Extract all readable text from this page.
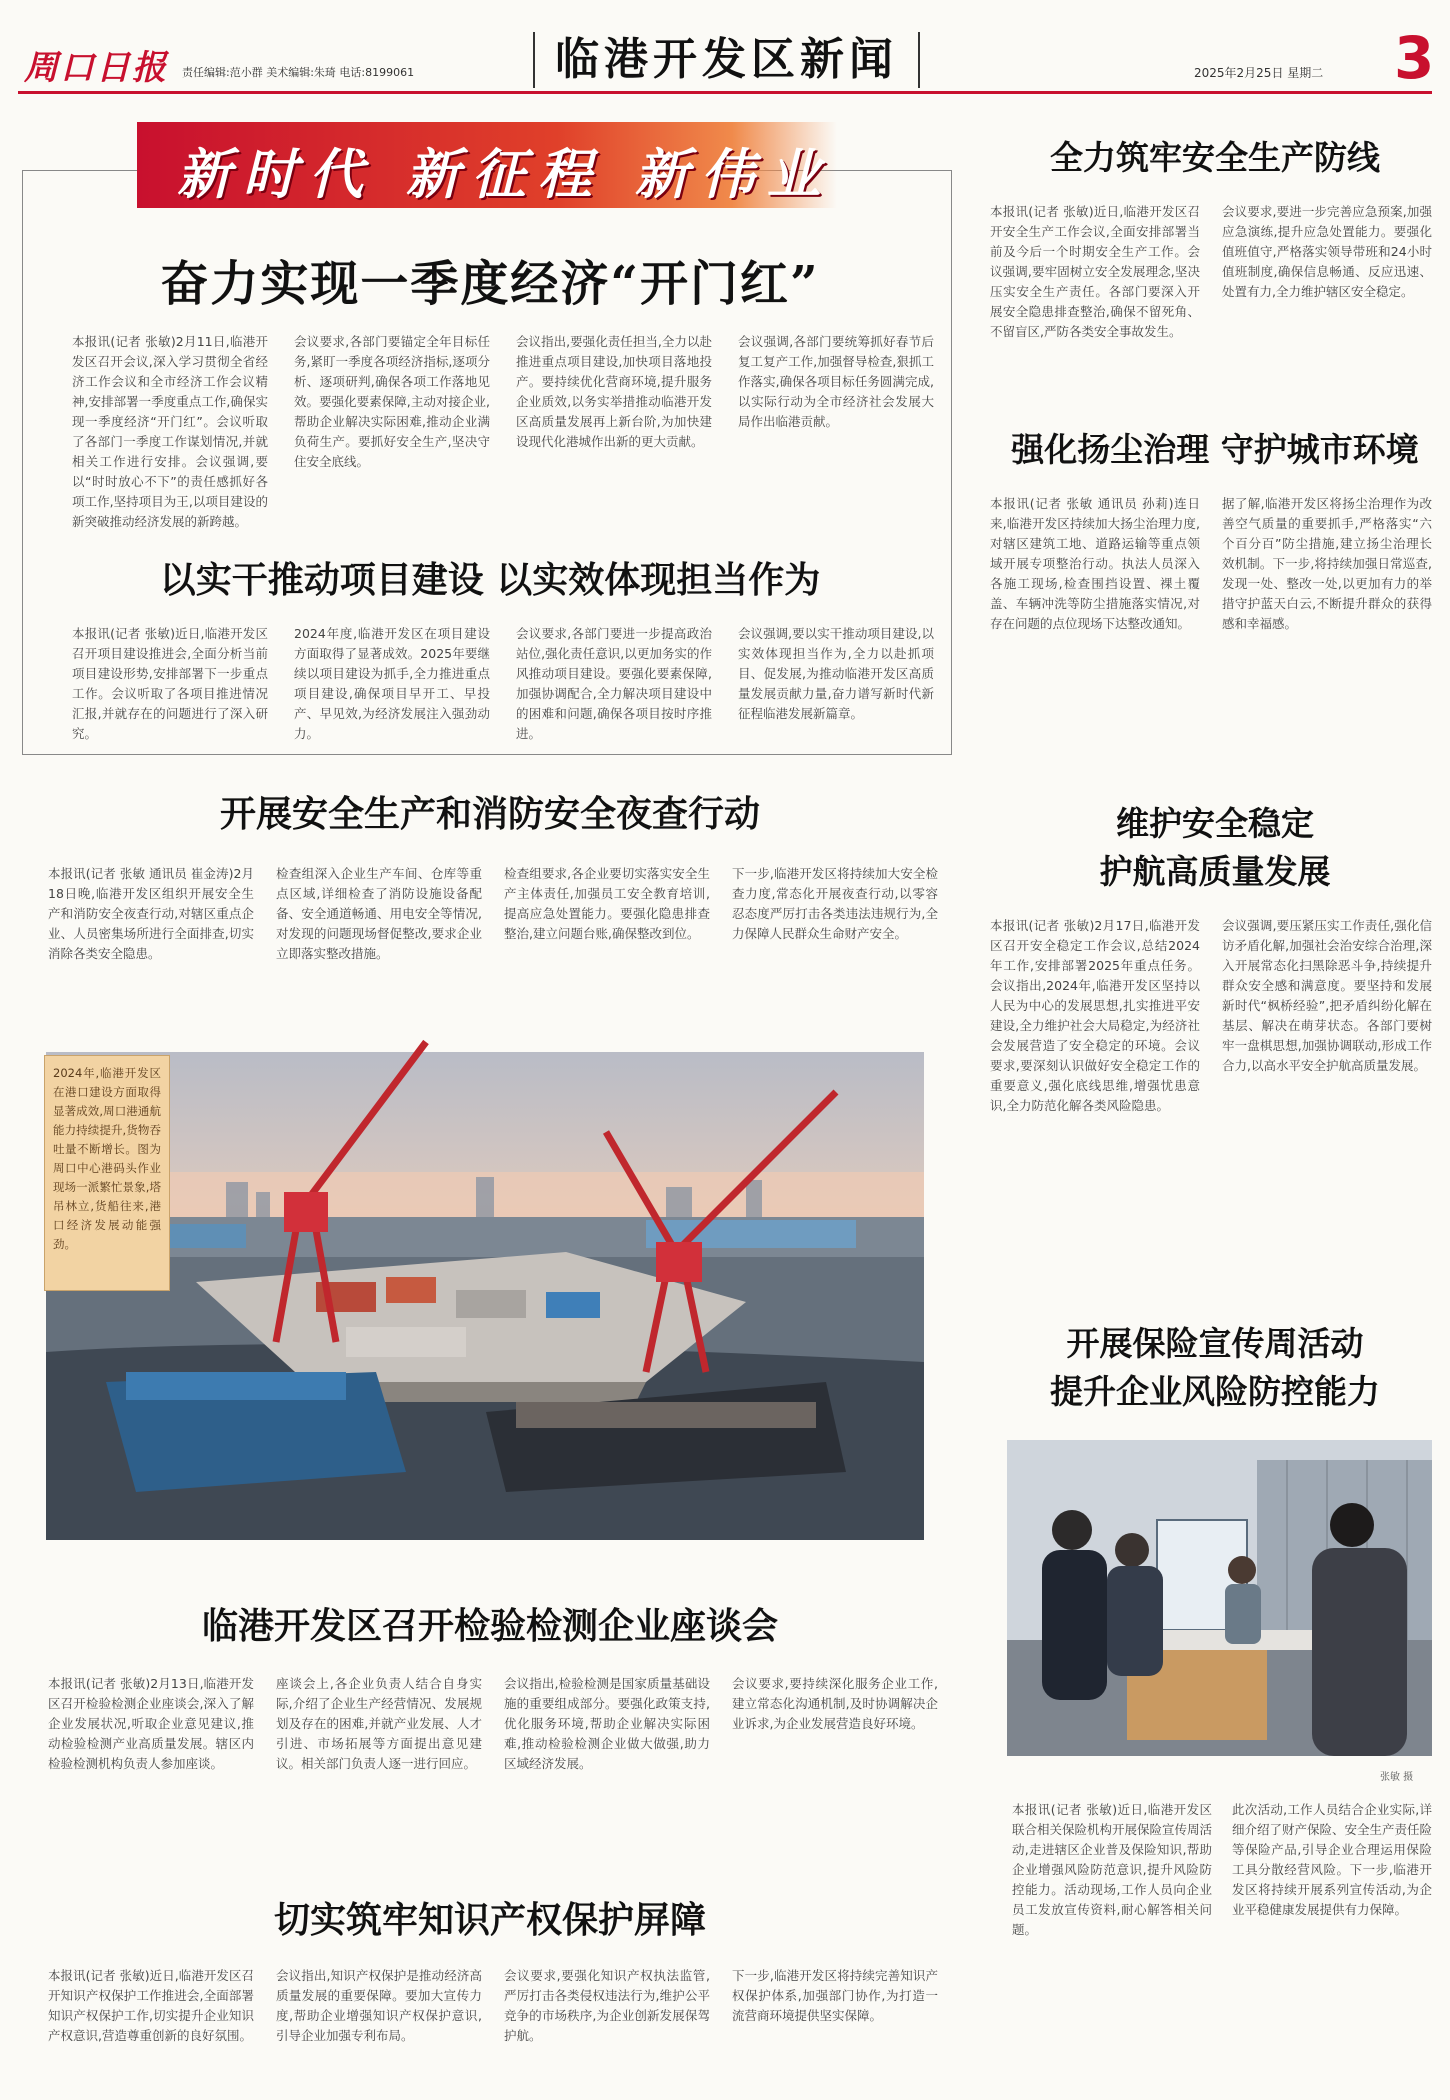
周口日报 责任编辑:范小群 美术编辑:朱琦 电话:8199061	临港开发区新闻	2025年2月25日 星期二 3
新时代 新征程 新伟业
奋力实现一季度经济“开门红”
本报讯(记者 张敏)2月11日,临港开发区召开会议,深入学习贯彻全省经济工作会议和全市经济工作会议精神,安排部署一季度重点工作,确保实现一季度经济“开门红”。会议听取了各部门一季度工作谋划情况,并就相关工作进行安排。会议强调,要以“时时放心不下”的责任感抓好各项工作,坚持项目为王,以项目建设的新突破推动经济发展的新跨越。
会议要求,各部门要锚定全年目标任务,紧盯一季度各项经济指标,逐项分析、逐项研判,确保各项工作落地见效。要强化要素保障,主动对接企业,帮助企业解决实际困难,推动企业满负荷生产。要抓好安全生产,坚决守住安全底线。
会议指出,要强化责任担当,全力以赴推进重点项目建设,加快项目落地投产。要持续优化营商环境,提升服务企业质效,以务实举措推动临港开发区高质量发展再上新台阶,为加快建设现代化港城作出新的更大贡献。
会议强调,各部门要统筹抓好春节后复工复产工作,加强督导检查,狠抓工作落实,确保各项目标任务圆满完成,以实际行动为全市经济社会发展大局作出临港贡献。
以实干推动项目建设 以实效体现担当作为
本报讯(记者 张敏)近日,临港开发区召开项目建设推进会,全面分析当前项目建设形势,安排部署下一步重点工作。会议听取了各项目推进情况汇报,并就存在的问题进行了深入研究。
2024年度,临港开发区在项目建设方面取得了显著成效。2025年要继续以项目建设为抓手,全力推进重点项目建设,确保项目早开工、早投产、早见效,为经济发展注入强劲动力。
会议要求,各部门要进一步提高政治站位,强化责任意识,以更加务实的作风推动项目建设。要强化要素保障,加强协调配合,全力解决项目建设中的困难和问题,确保各项目按时序推进。
会议强调,要以实干推动项目建设,以实效体现担当作为,全力以赴抓项目、促发展,为推动临港开发区高质量发展贡献力量,奋力谱写新时代新征程临港发展新篇章。
开展安全生产和消防安全夜查行动
本报讯(记者 张敏 通讯员 崔金涛)2月18日晚,临港开发区组织开展安全生产和消防安全夜查行动,对辖区重点企业、人员密集场所进行全面排查,切实消除各类安全隐患。
检查组深入企业生产车间、仓库等重点区域,详细检查了消防设施设备配备、安全通道畅通、用电安全等情况,对发现的问题现场督促整改,要求企业立即落实整改措施。
检查组要求,各企业要切实落实安全生产主体责任,加强员工安全教育培训,提高应急处置能力。要强化隐患排查整治,建立问题台账,确保整改到位。
下一步,临港开发区将持续加大安全检查力度,常态化开展夜查行动,以零容忍态度严厉打击各类违法违规行为,全力保障人民群众生命财产安全。
2024年,临港开发区在港口建设方面取得显著成效,周口港通航能力持续提升,货物吞吐量不断增长。图为周口中心港码头作业现场一派繁忙景象,塔吊林立,货船往来,港口经济发展动能强劲。
临港开发区召开检验检测企业座谈会
本报讯(记者 张敏)2月13日,临港开发区召开检验检测企业座谈会,深入了解企业发展状况,听取企业意见建议,推动检验检测产业高质量发展。辖区内检验检测机构负责人参加座谈。
座谈会上,各企业负责人结合自身实际,介绍了企业生产经营情况、发展规划及存在的困难,并就产业发展、人才引进、市场拓展等方面提出意见建议。相关部门负责人逐一进行回应。
会议指出,检验检测是国家质量基础设施的重要组成部分。要强化政策支持,优化服务环境,帮助企业解决实际困难,推动检验检测企业做大做强,助力区域经济发展。
会议要求,要持续深化服务企业工作,建立常态化沟通机制,及时协调解决企业诉求,为企业发展营造良好环境。
切实筑牢知识产权保护屏障
本报讯(记者 张敏)近日,临港开发区召开知识产权保护工作推进会,全面部署知识产权保护工作,切实提升企业知识产权意识,营造尊重创新的良好氛围。
会议指出,知识产权保护是推动经济高质量发展的重要保障。要加大宣传力度,帮助企业增强知识产权保护意识,引导企业加强专利布局。
会议要求,要强化知识产权执法监管,严厉打击各类侵权违法行为,维护公平竞争的市场秩序,为企业创新发展保驾护航。
下一步,临港开发区将持续完善知识产权保护体系,加强部门协作,为打造一流营商环境提供坚实保障。
全力筑牢安全生产防线
本报讯(记者 张敏)近日,临港开发区召开安全生产工作会议,全面安排部署当前及今后一个时期安全生产工作。会议强调,要牢固树立安全发展理念,坚决压实安全生产责任。各部门要深入开展安全隐患排查整治,确保不留死角、不留盲区,严防各类安全事故发生。
会议要求,要进一步完善应急预案,加强应急演练,提升应急处置能力。要强化值班值守,严格落实领导带班和24小时值班制度,确保信息畅通、反应迅速、处置有力,全力维护辖区安全稳定。
强化扬尘治理 守护城市环境
本报讯(记者 张敏 通讯员 孙莉)连日来,临港开发区持续加大扬尘治理力度,对辖区建筑工地、道路运输等重点领域开展专项整治行动。执法人员深入各施工现场,检查围挡设置、裸土覆盖、车辆冲洗等防尘措施落实情况,对存在问题的点位现场下达整改通知。
据了解,临港开发区将扬尘治理作为改善空气质量的重要抓手,严格落实“六个百分百”防尘措施,建立扬尘治理长效机制。下一步,将持续加强日常巡查,发现一处、整改一处,以更加有力的举措守护蓝天白云,不断提升群众的获得感和幸福感。
维护安全稳定
护航高质量发展
本报讯(记者 张敏)2月17日,临港开发区召开安全稳定工作会议,总结2024年工作,安排部署2025年重点任务。会议指出,2024年,临港开发区坚持以人民为中心的发展思想,扎实推进平安建设,全力维护社会大局稳定,为经济社会发展营造了安全稳定的环境。会议要求,要深刻认识做好安全稳定工作的重要意义,强化底线思维,增强忧患意识,全力防范化解各类风险隐患。
会议强调,要压紧压实工作责任,强化信访矛盾化解,加强社会治安综合治理,深入开展常态化扫黑除恶斗争,持续提升群众安全感和满意度。要坚持和发展新时代“枫桥经验”,把矛盾纠纷化解在基层、解决在萌芽状态。各部门要树牢一盘棋思想,加强协调联动,形成工作合力,以高水平安全护航高质量发展。
开展保险宣传周活动
提升企业风险防控能力
张敏 摄
本报讯(记者 张敏)近日,临港开发区联合相关保险机构开展保险宣传周活动,走进辖区企业普及保险知识,帮助企业增强风险防范意识,提升风险防控能力。活动现场,工作人员向企业员工发放宣传资料,耐心解答相关问题。
此次活动,工作人员结合企业实际,详细介绍了财产保险、安全生产责任险等保险产品,引导企业合理运用保险工具分散经营风险。下一步,临港开发区将持续开展系列宣传活动,为企业平稳健康发展提供有力保障。
